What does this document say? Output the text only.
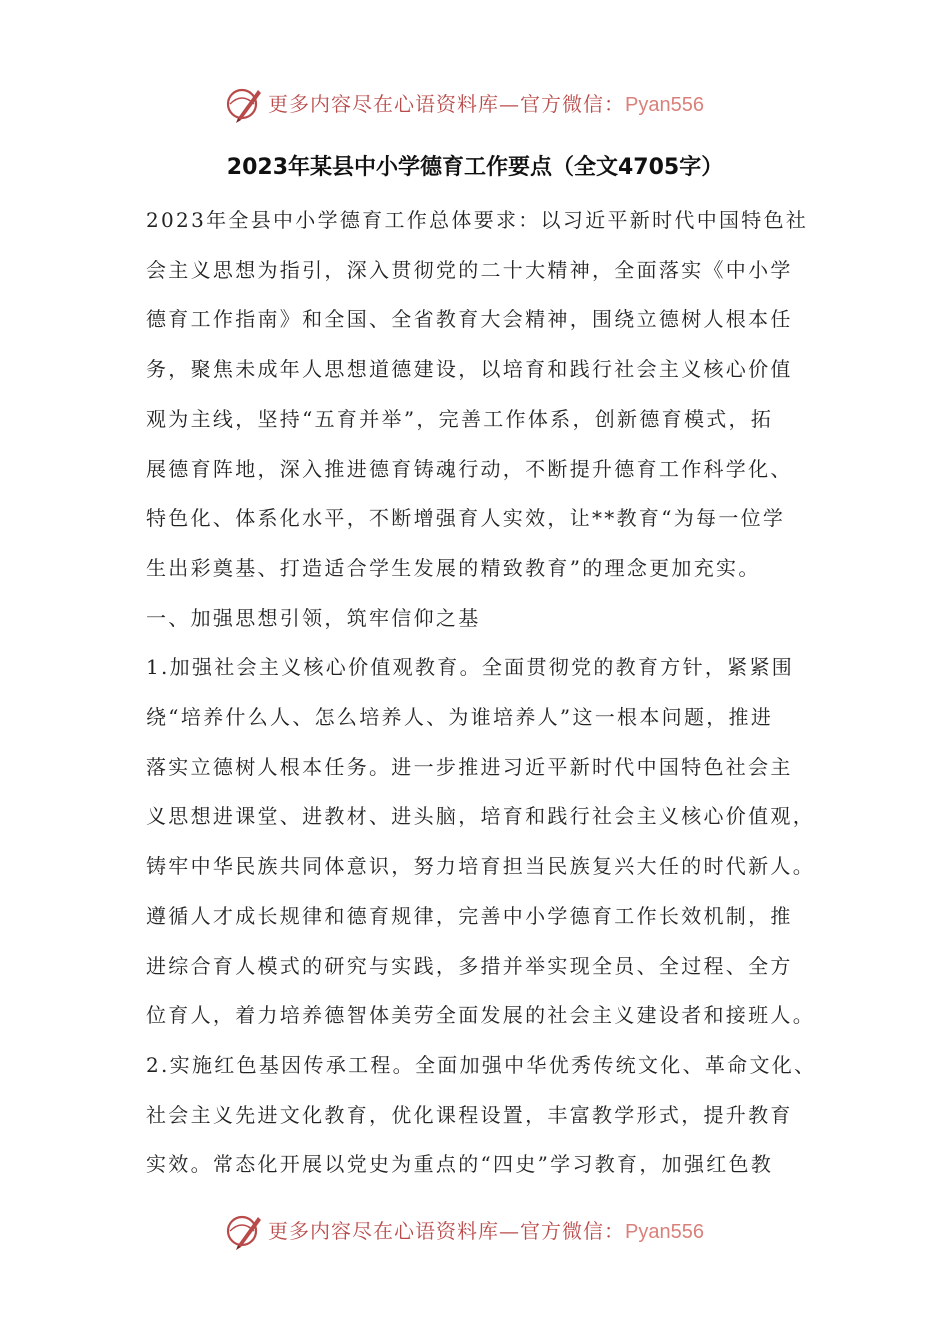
更多内容尽在心语资料库—官方微信：Pyan556
2023年某县中小学德育工作要点（全文4705字）

2023年全县中小学德育工作总体要求：以习近平新时代中国特色社
会主义思想为指引，深入贯彻党的二十大精神，全面落实《中小学
德育工作指南》和全国、全省教育大会精神，围绕立德树人根本任
务，聚焦未成年人思想道德建设，以培育和践行社会主义核心价值
观为主线，坚持“五育并举”，完善工作体系，创新德育模式，拓
展德育阵地，深入推进德育铸魂行动，不断提升德育工作科学化、
特色化、体系化水平，不断增强育人实效，让**教育“为每一位学
生出彩奠基、打造适合学生发展的精致教育”的理念更加充实。

一、加强思想引领，筑牢信仰之基

1.加强社会主义核心价值观教育。全面贯彻党的教育方针，紧紧围
绕“培养什么人、怎么培养人、为谁培养人”这一根本问题，推进
落实立德树人根本任务。进一步推进习近平新时代中国特色社会主
义思想进课堂、进教材、进头脑，培育和践行社会主义核心价值观，
铸牢中华民族共同体意识，努力培育担当民族复兴大任的时代新人。
遵循人才成长规律和德育规律，完善中小学德育工作长效机制，推
进综合育人模式的研究与实践，多措并举实现全员、全过程、全方
位育人，着力培养德智体美劳全面发展的社会主义建设者和接班人。

2.实施红色基因传承工程。全面加强中华优秀传统文化、革命文化、
社会主义先进文化教育，优化课程设置，丰富教学形式，提升教育
实效。常态化开展以党史为重点的“四史”学习教育，加强红色教

更多内容尽在心语资料库—官方微信：Pyan556
